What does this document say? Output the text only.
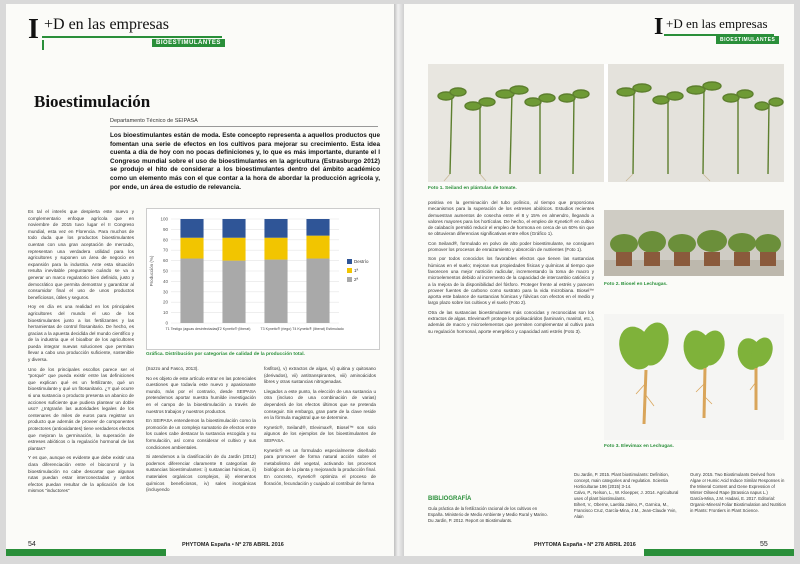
I +D en las empresas
BIOESTIMULANTES
Bioestimulación
Departamento Técnico de SEIPASA
Los bioestimulantes están de moda. Este concepto representa a aquellos productos que fomentan una serie de efectos en los cultivos para mejorar su crecimiento. Esta idea cuenta a día de hoy con no pocas definiciones y, lo que es más importante, durante el I Congreso mundial sobre el uso de bioestimulantes en la agricultura (Estrasburgo 2012) se produjo el hito de considerar a los bioestimulantes dentro del ámbito académico como un elemento más con el que contar a la hora de abordar la producción agrícola y, por ende, un área de estudio de relevancia.

Es tal el interés que despierta este nuevo y complementario enfoque agrícola que en noviembre de 2015 tuvo lugar el II Congreso mundial, esta vez en Florencia. Para muchos de todo duda que los productos bioestimulantes cuentan con una gran aceptación de mercado, representan una verdadera utilidad para los agricultores y suponen un área de negocio en expansión para la industria. Ante esta situación resulta inevitable preguntarse cuándo se va a generar un marco regulatorio bien definido, justo y democrático que permita demostrar y garantizar al consumidor final el uso de unos productos beneficiosos, útiles y seguros.

Hoy en día es una realidad en los principales agricultores del mundo el uso de los bioestimulantes junto a los fertilizantes y las herramientas de control fitosanitario. De hecho, es gracias a la apuesta decidida del mundo científico y de la industria que el bioalbor de los agricultores pueda integrar nuevas soluciones que permitan llevar a cabo una producción suficiente, sostenible y diversa.

Uno de los principales escollos parece ser el "porqué" que pueda existir entre las definiciones que explican qué es un fertilizante, qué un bioestimulante y qué un fitosanitario. ¿Y qué ocurre si una sustancia o producto presenta un abanico de acciones suficiente que pudiera plantear un doble uso? ¿Intgrarán las autoridades legales de los centenares de miles de euros para registrar un producto que además de proveer de componentes protectores (antioxidantes) tiene verdaderos efectos que mejoran la germinación, la superación de estreses abióticos o la regulación hormonal de las plantas?

Y es que, aunque es evidente que debe existir una clara diferenciación entre el bioconcrol y la bioestimulación no cabe descartar que algunas rutas puedan estar interconectadas y ambos efectos puedan resultar de la aplicación de los mismos "inductores"

0
10
20
30
40
50
60
70
80
90
100
Producción (%)
T1 Testigo (aguas desinfectadas) T2 Kynetic® (liberat)	T3 Kynetic® (riego) T4 Kynetic® (liberat) Estimulado
Destrío
1ª
2ª
Gráfica. Distribución por categorías de calidad de la producción total.

(Sozzo and Fasco, 2013).

No es objeto de este artículo entrar en las potenciales cuestiones que todavía este nuevo y apasionante mundo, más por el contrario, desde SEIPASA pretendemos aportar nuestra humilde investigación en el campo de la bioestimulación a través de nuestros trabajos y nuestros productos.

En SEIPASA entendemos la bioestimulación como la promoción de un complejo sumatorio de efectos entre los cuales cabe destacar la sustancia escogida y su formulación, así como considerar el cultivo y sus condiciones ambientales.

Si atendemos a la clasificación de du Jardin (2012) podemos diferenciar claramente 8 categorías de sustancias bioestimulantes: i) sustancias húmicas, ii) materiales orgánicos complejos, iii) elementos químicos beneficiosos, iv) sales inorgánicas (incluyendo

fosfitos), v) extractos de algas, vi) quitina y quitosano (derivados), vii) antitranspirantes, viii) aminoácidos libres y otras sustancias nitrogenadas.

Llegados a este punto, la elección de una sustancia u otra (incluso de una combinación de varias) dependerá de los efectos últimos que se pretenda conseguir. Sin embargo, gran parte de la clave reside en la fórmula magistral que se determine.

Kynetic®, Seiland®, Elevimax®, Biosel™ son solo algunos de los ejemplos de los bioestimulantes de SEIPASA.

Kynetic® es un formulado especialmente diseñado para promover de forma natural acción sobre el metabolismo del vegetal, activando los procesos biológicos de la planta y mejorando la producción final. En concreto, Kynetic® optimiza el proceso de floración, fecundación y cuajado al contribuir de forma

54	PHYTOMA España • Nº 278 ABRIL 2016
I +D en las empresas
BIOESTIMULANTES
Foto 1. Seiland en plántulas de tomate.

positiva en la germinación del tubo polínico, al tiempo que proporciona mecanismos para la superación de los estreses abióticos. Estudios recientes demuestran aumentos de cosecha entre el 8 y 15% en almendro, llegando a valores mayores para los hortícolas. De hecho, el empleo de Kynetic® en cultivo de calabacín permitió reducir el empleo de hormona en cerca de un 60% sin que se obtuvieran diferencias significativas entre ellos (Gráfico 1).

Con Seiland®, formulado en polvo de alto poder bioestimulante, se consiguen promover los procesos de enraizamiento y absorción de nutrientes (Foto 1).

Son por todos conocidos los favorables efectos que tienen las sustancias húmicas en el suelo; mejoran sus propiedades físicas y químicas al tiempo que favorecen una mejor nutrición radicular, incrementando la toma de macro y microelementos debido al incremento de la capacidad de intercambio catiónico y a la mejora de la disponibilidad del fósforo. Proteger frente al estrés y parecen proveer fuentes de carbono como sustrato para la vida microbiana. Biosel™ aporta este balance de sustancias húmicas y fúlvicas con efectos en el medio y largo plazo sobre los cultivos y el suelo (Foto 2).

Otra de las sustancias bioestimulantes más conocidas y reconocidas son los extractos de algas. Elevimax® protege los polisacáridos (laminarin, manitol, etc.), además de macro y microelementos que permiten complementar al cultivo para su regulación hormonal, aporte energético y capacidad anti estrés (Foto 3).

Foto 2. Biosel en Lechugas.
Foto 3. Elevimax en Lechugas.
BIBLIOGRAFÍA
Guía práctica de la fertilización racional de los cultivos en España. Ministerio de Medio Ambiente y Medio Rural y Marino.
Du Jardin, P. 2012. Report on Biostimulants.
Du Jardin, P. 2015. Plant biostimulants: Definition, concept, main categories and regulation. Scientia Horticulturae 196 (2015) 3-14.
Calvo, P., Nelson, L., W. Kloepper, J. 2014. Agricultural uses of plant biostimulants.
Bihert, V., Oberne, Laetitia Jaimo, P., Garnica, M., Francisco Cruz, García-Mina, J.M., Jean-Claude Yvin, Alain
Ourry. 2015. Two Biostimulants Derived from Algae or Humic Acid Induce Similar Responses in the Mineral Content and Gene Expression of Winter Oilseed Rape (Brassica napus L.)
García-Mina, J.M. Hadasi, E. 2017. Editorial: Organic-Mineral Foliar Biostimulation and Nutrition in Plants: Frontiers in Plant Science.
PHYTOMA España • Nº 278 ABRIL 2016	55
